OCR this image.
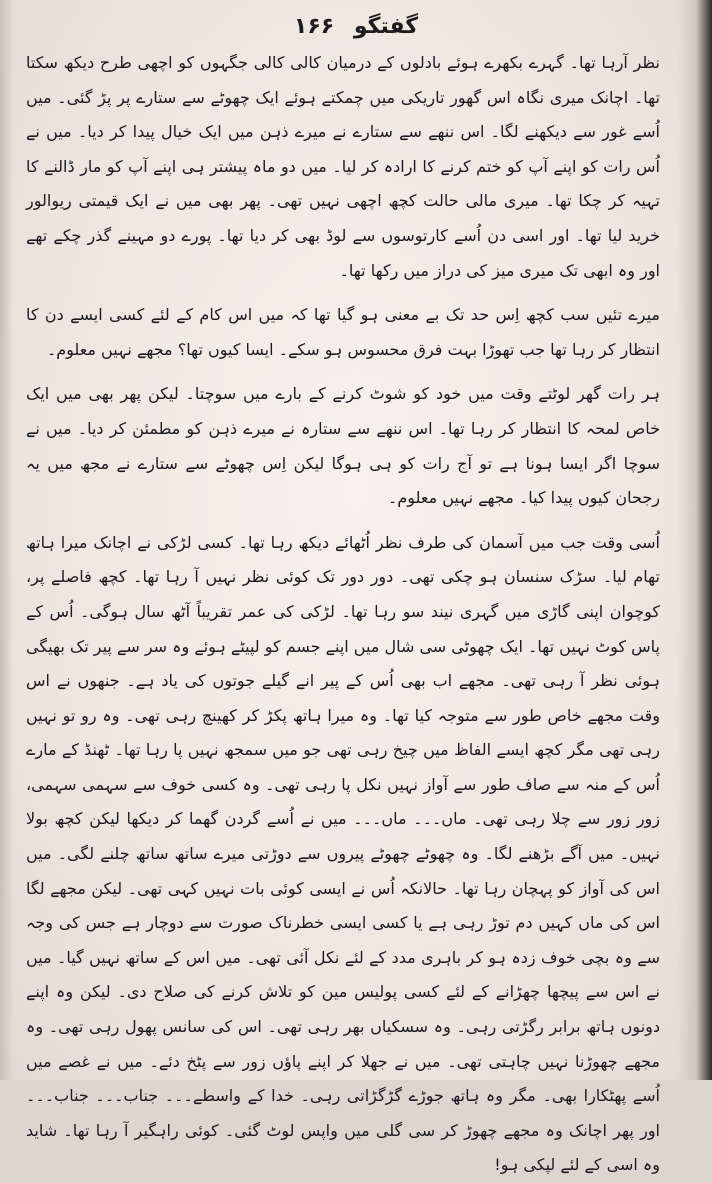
گفتگو ۱۶۶

نظر آرہا تھا۔ گہرے بکھرے ہوئے بادلوں کے درمیان کالی کالی جگہوں کو اچھی طرح دیکھ سکتا تھا۔ اچانک میری نگاہ اس گھور تاریکی میں چمکتے ہوئے ایک چھوٹے سے ستارے پر پڑ گئی۔ میں اُسے غور سے دیکھنے لگا۔ اس ننھے سے ستارے نے میرے ذہن میں ایک خیال پیدا کر دیا۔ میں نے اُس رات کو اپنے آپ کو ختم کرنے کا ارادہ کر لیا۔ میں دو ماہ پیشتر ہی اپنے آپ کو مار ڈالنے کا تہیہ کر چکا تھا۔ میری مالی حالت کچھ اچھی نہیں تھی۔ پھر بھی میں نے ایک قیمتی ریوالور خرید لیا تھا۔ اور اسی دن اُسے کارتوسوں سے لوڈ بھی کر دیا تھا۔ پورے دو مہینے گذر چکے تھے اور وہ ابھی تک میری میز کی دراز میں رکھا تھا۔

میرے تئیں سب کچھ اِس حد تک بے معنی ہو گیا تھا کہ میں اس کام کے لئے کسی ایسے دن کا انتظار کر رہا تھا جب تھوڑا بہت فرق محسوس ہو سکے۔ ایسا کیوں تھا؟ مجھے نہیں معلوم۔

ہر رات گھر لوٹتے وقت میں خود کو شوٹ کرنے کے بارے میں سوچتا۔ لیکن پھر بھی میں ایک خاص لمحہ کا انتظار کر رہا تھا۔ اس ننھے سے ستارہ نے میرے ذہن کو مطمئن کر دیا۔ میں نے سوچا اگر ایسا ہونا ہے تو آج رات کو ہی ہوگا لیکن اِس چھوٹے سے ستارے نے مجھ میں یہ رجحان کیوں پیدا کیا۔ مجھے نہیں معلوم۔

اُسی وقت جب میں آسمان کی طرف نظر اُٹھائے دیکھ رہا تھا۔ کسی لڑکی نے اچانک میرا ہاتھ تھام لیا۔ سڑک سنسان ہو چکی تھی۔ دور دور تک کوئی نظر نہیں آ رہا تھا۔ کچھ فاصلے پر، کوچوان اپنی گاڑی میں گہری نیند سو رہا تھا۔ لڑکی کی عمر تقریباً آٹھ سال ہوگی۔ اُس کے پاس کوٹ نہیں تھا۔ ایک چھوٹی سی شال میں اپنے جسم کو لپیٹے ہوئے وہ سر سے پیر تک بھیگی ہوئی نظر آ رہی تھی۔ مجھے اب بھی اُس کے پیر انے گیلے جوتوں کی یاد ہے۔ جنھوں نے اس وقت مجھے خاص طور سے متوجہ کیا تھا۔ وہ میرا ہاتھ پکڑ کر کھینچ رہی تھی۔ وہ رو تو نہیں رہی تھی مگر کچھ ایسے الفاظ میں چیخ رہی تھی جو میں سمجھ نہیں پا رہا تھا۔ ٹھنڈ کے مارے اُس کے منہ سے صاف طور سے آواز نہیں نکل پا رہی تھی۔ وہ کسی خوف سے سہمی سہمی، زور زور سے چلا رہی تھی۔ ماں۔۔۔ ماں۔۔۔ میں نے اُسے گردن گھما کر دیکھا لیکن کچھ بولا نہیں۔ میں آگے بڑھنے لگا۔ وہ چھوٹے چھوٹے پیروں سے دوڑتی میرے ساتھ ساتھ چلنے لگی۔ میں اس کی آواز کو پہچان رہا تھا۔ حالانکہ اُس نے ایسی کوئی بات نہیں کہی تھی۔ لیکن مجھے لگا اس کی ماں کہیں دم توڑ رہی ہے یا کسی ایسی خطرناک صورت سے دوچار ہے جس کی وجہ سے وہ بچی خوف زدہ ہو کر باہری مدد کے لئے نکل آئی تھی۔ میں اس کے ساتھ نہیں گیا۔ میں نے اس سے پیچھا چھڑانے کے لئے کسی پولیس مین کو تلاش کرنے کی صلاح دی۔ لیکن وہ اپنے دونوں ہاتھ برابر رگڑتی رہی۔ وہ سسکیاں بھر رہی تھی۔ اس کی سانس پھول رہی تھی۔ وہ مجھے چھوڑنا نہیں چاہتی تھی۔ میں نے جھلا کر اپنے پاؤں زور سے پٹخ دئے۔ میں نے غصے میں اُسے پھٹکارا بھی۔ مگر وہ ہاتھ جوڑے گڑگڑاتی رہی۔ خدا کے واسطے۔۔۔ جناب۔۔۔ جناب۔۔۔ اور پھر اچانک وہ مجھے چھوڑ کر سی گلی میں واپس لوٹ گئی۔ کوئی راہگیر آ رہا تھا۔ شاید وہ اسی کے لئے لپکی ہو!
